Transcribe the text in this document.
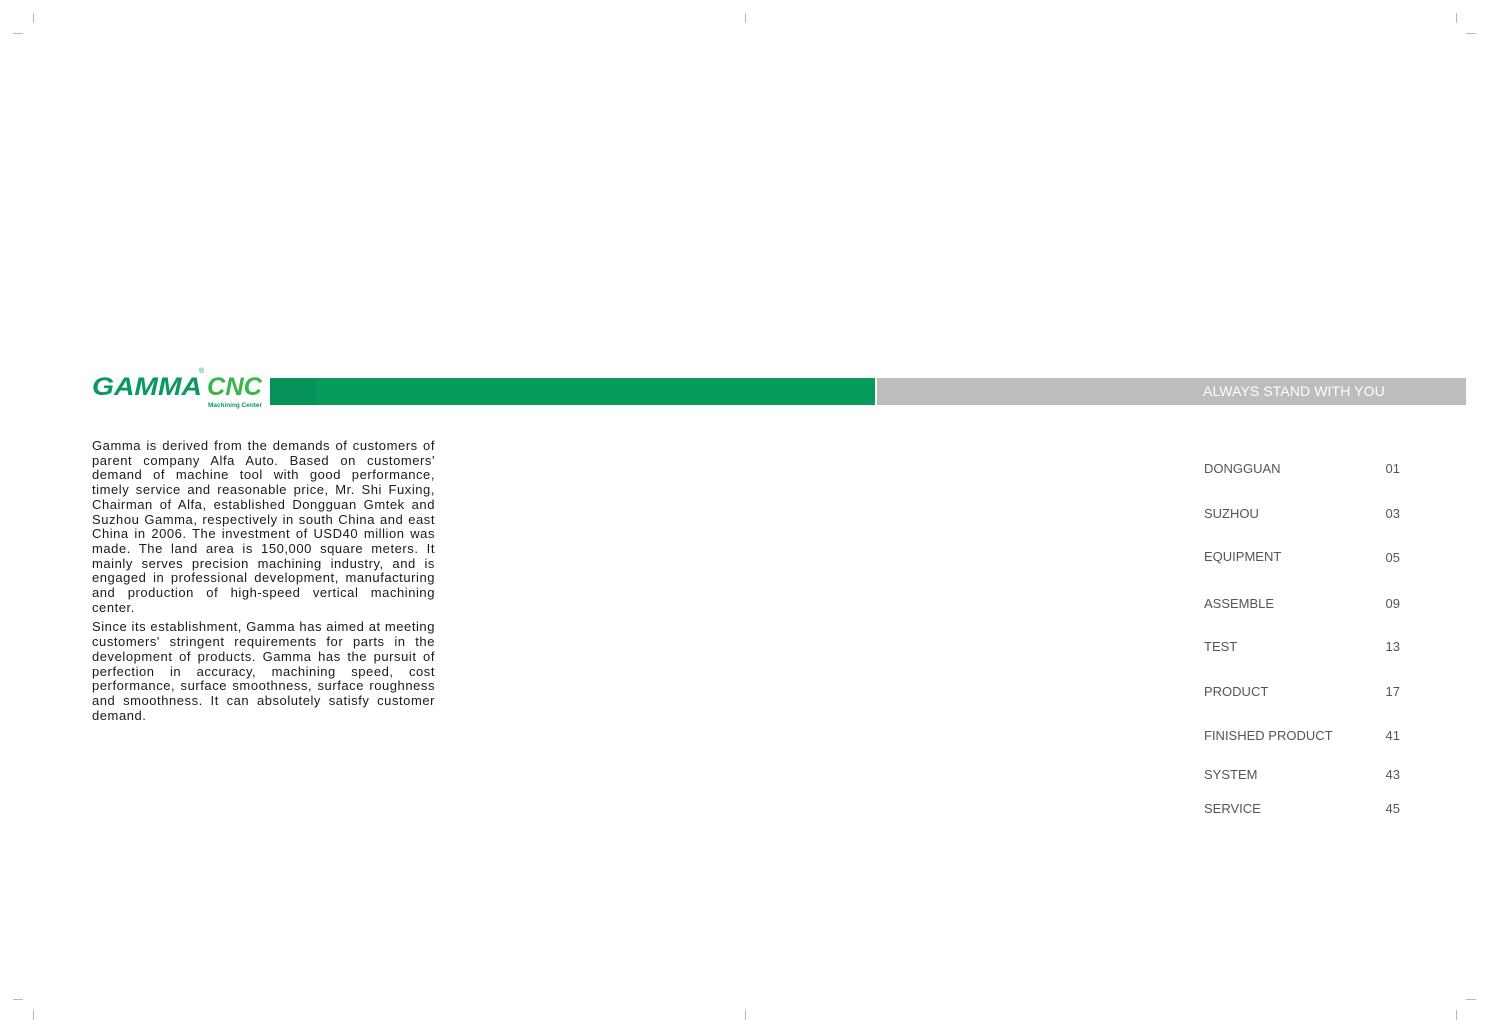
GAMMA
®
CNC
Machining Center
ALWAYS STAND WITH YOU

Gamma is derived from the demands of customers of parent company Alfa Auto. Based on customers' demand of machine tool with good performance, timely service and reasonable price, Mr. Shi Fuxing, Chairman of Alfa, established Dongguan Gmtek and Suzhou Gamma, respectively in south China and east China in 2006. The investment of USD40 million was made. The land area is 150,000 square meters. It mainly serves precision machining industry, and is engaged in professional development, manufacturing and production of high-speed vertical machining center.

Since its establishment, Gamma has aimed at meeting customers' stringent requirements for parts in the development of products. Gamma has the pursuit of perfection in accuracy, machining speed, cost performance, surface smoothness, surface roughness and smoothness. It can absolutely satisfy customer demand.

DONGGUAN	01
SUZHOU	03
EQUIPMENT	05
ASSEMBLE	09
TEST	13
PRODUCT	17
FINISHED PRODUCT	41
SYSTEM	43
SERVICE	45
